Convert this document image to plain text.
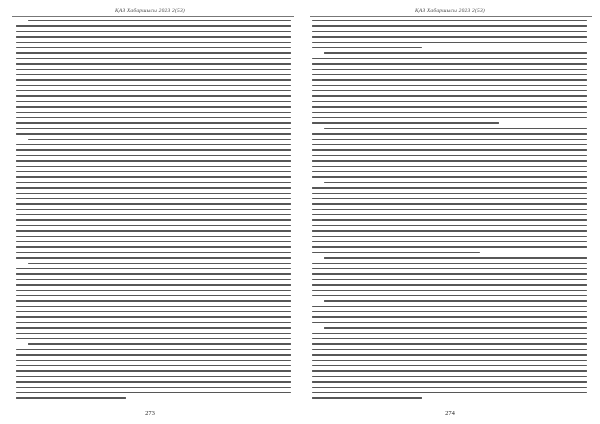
ҚАЗ Хабаршысы 2023 2(53)
273
ҚАЗ Хабаршысы 2023 2(53)
274
